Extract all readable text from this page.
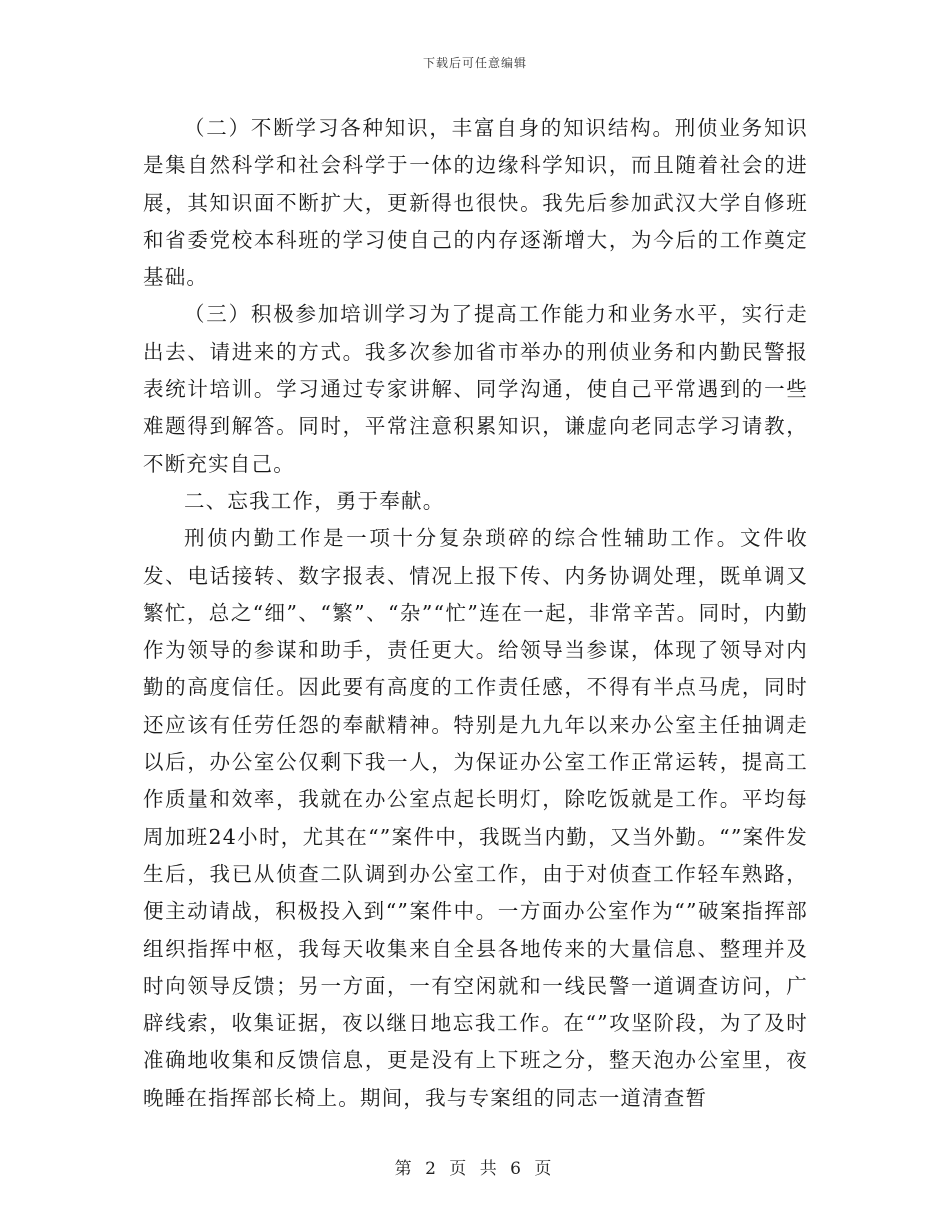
下载后可任意编辑

（二）不断学习各种知识，丰富自身的知识结构。刑侦业务知识是集自然科学和社会科学于一体的边缘科学知识，而且随着社会的进展，其知识面不断扩大，更新得也很快。我先后参加武汉大学自修班和省委党校本科班的学习使自己的内存逐渐增大，为今后的工作奠定基础。

（三）积极参加培训学习为了提高工作能力和业务水平，实行走出去、请进来的方式。我多次参加省市举办的刑侦业务和内勤民警报表统计培训。学习通过专家讲解、同学沟通，使自己平常遇到的一些难题得到解答。同时，平常注意积累知识，谦虚向老同志学习请教，不断充实自己。

二、忘我工作，勇于奉献。

刑侦内勤工作是一项十分复杂琐碎的综合性辅助工作。文件收发、电话接转、数字报表、情况上报下传、内务协调处理，既单调又繁忙，总之“细”、“繁”、“杂”“忙”连在一起，非常辛苦。同时，内勤作为领导的参谋和助手，责任更大。给领导当参谋，体现了领导对内勤的高度信任。因此要有高度的工作责任感，不得有半点马虎，同时还应该有任劳任怨的奉献精神。特别是九九年以来办公室主任抽调走以后，办公室公仅剩下我一人，为保证办公室工作正常运转，提高工作质量和效率，我就在办公室点起长明灯，除吃饭就是工作。平均每周加班24小时，尤其在“”案件中，我既当内勤，又当外勤。“”案件发生后，我已从侦查二队调到办公室工作，由于对侦查工作轻车熟路，便主动请战，积极投入到“”案件中。一方面办公室作为“”破案指挥部组织指挥中枢，我每天收集来自全县各地传来的大量信息、整理并及时向领导反馈；另一方面，一有空闲就和一线民警一道调查访问，广辟线索，收集证据，夜以继日地忘我工作。在“”攻坚阶段，为了及时准确地收集和反馈信息，更是没有上下班之分，整天泡办公室里，夜晚睡在指挥部长椅上。期间，我与专案组的同志一道清查暂

第 2 页 共 6 页
